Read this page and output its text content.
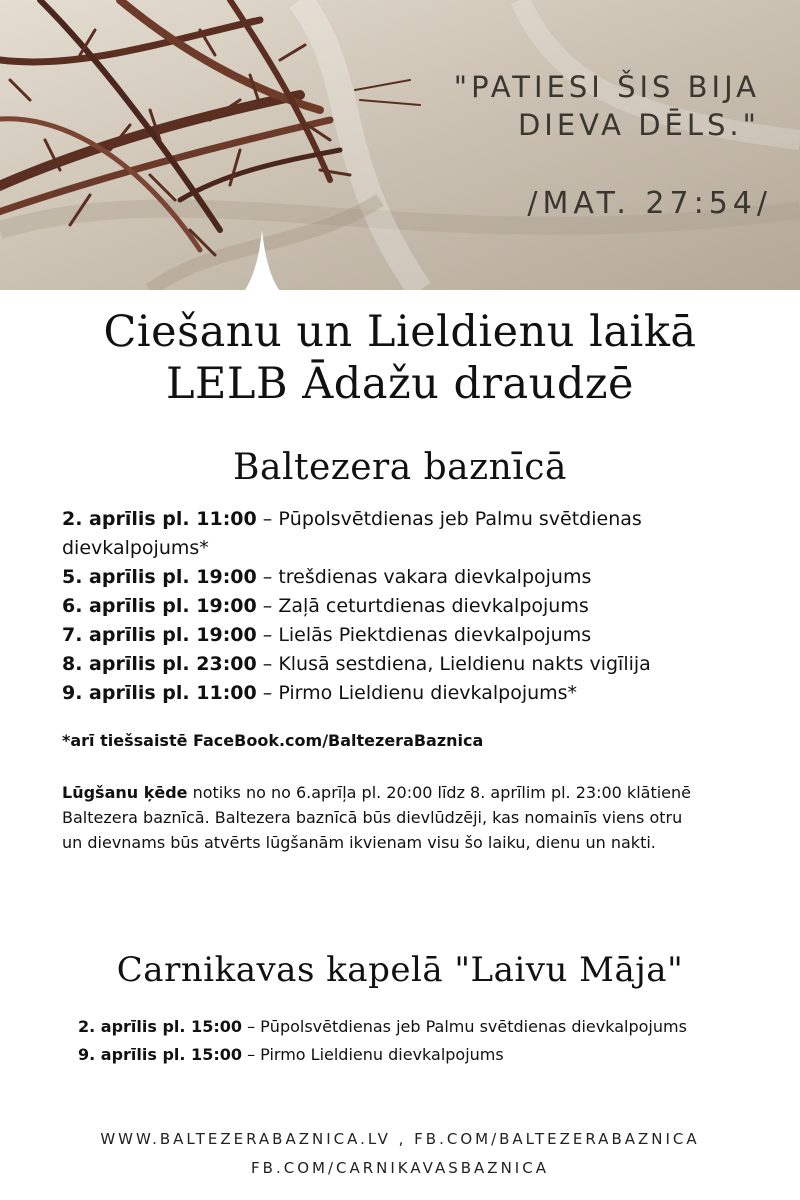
"PATIESI ŠIS BIJA
DIEVA DĒLS."
/MAT. 27:54/
Ciešanu un Lieldienu laikā
LELB Ādažu draudzē
Baltezera baznīcā
2. aprīlis pl. 11:00 – Pūpolsvētdienas jeb Palmu svētdienas dievkalpojums*
5. aprīlis pl. 19:00 – trešdienas vakara dievkalpojums
6. aprīlis pl. 19:00 – Zaļā ceturtdienas dievkalpojums
7. aprīlis pl. 19:00 – Lielās Piektdienas dievkalpojums
8. aprīlis pl. 23:00 – Klusā sestdiena, Lieldienu nakts vigīlija
9. aprīlis pl. 11:00 – Pirmo Lieldienu dievkalpojums*
*arī tiešsaistē FaceBook.com/BaltezeraBaznica
Lūgšanu ķēde notiks no no 6.aprīļa pl. 20:00 līdz 8. aprīlim pl. 23:00 klātienē Baltezera baznīcā. Baltezera baznīcā būs dievlūdzēji, kas nomainīs viens otru un dievnams būs atvērts lūgšanām ikvienam visu šo laiku, dienu un nakti.
Carnikavas kapelā "Laivu Māja"
2. aprīlis pl. 15:00 – Pūpolsvētdienas jeb Palmu svētdienas dievkalpojums
9. aprīlis pl. 15:00 – Pirmo Lieldienu dievkalpojums
WWW.BALTEZERABAZNICA.LV , FB.COM/BALTEZERABAZNICA
FB.COM/CARNIKAVASBAZNICA
